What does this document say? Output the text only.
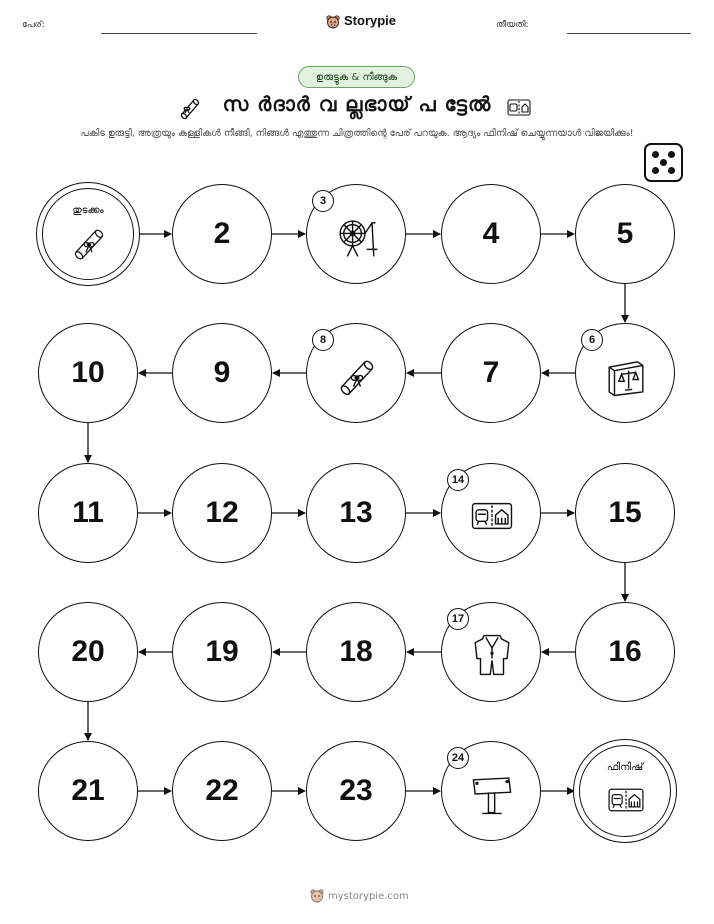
പേര്:	Storypie	തീയതി:
ഉരുട്ടുക & നീങ്ങുക
സ ർദാർ വ ല്ലഭായ് പ ട്ടേൽ
പകിട ഉരുട്ടി, അത്രയും കള്ളികൾ നീങ്ങി, നിങ്ങൾ എത്തുന്ന ചിത്രത്തിന്റെ പേര് പറയുക. ആദ്യം ഫിനിഷ് ചെയ്യുന്നയാൾ വിജയിക്കും!
ഫിനിഷ്
23
22
21
20	19	18	16
15
13
12
11
10	9	7
5
4
2
തുടക്കം
3
6
8
14
17
24
mystorypie.com
